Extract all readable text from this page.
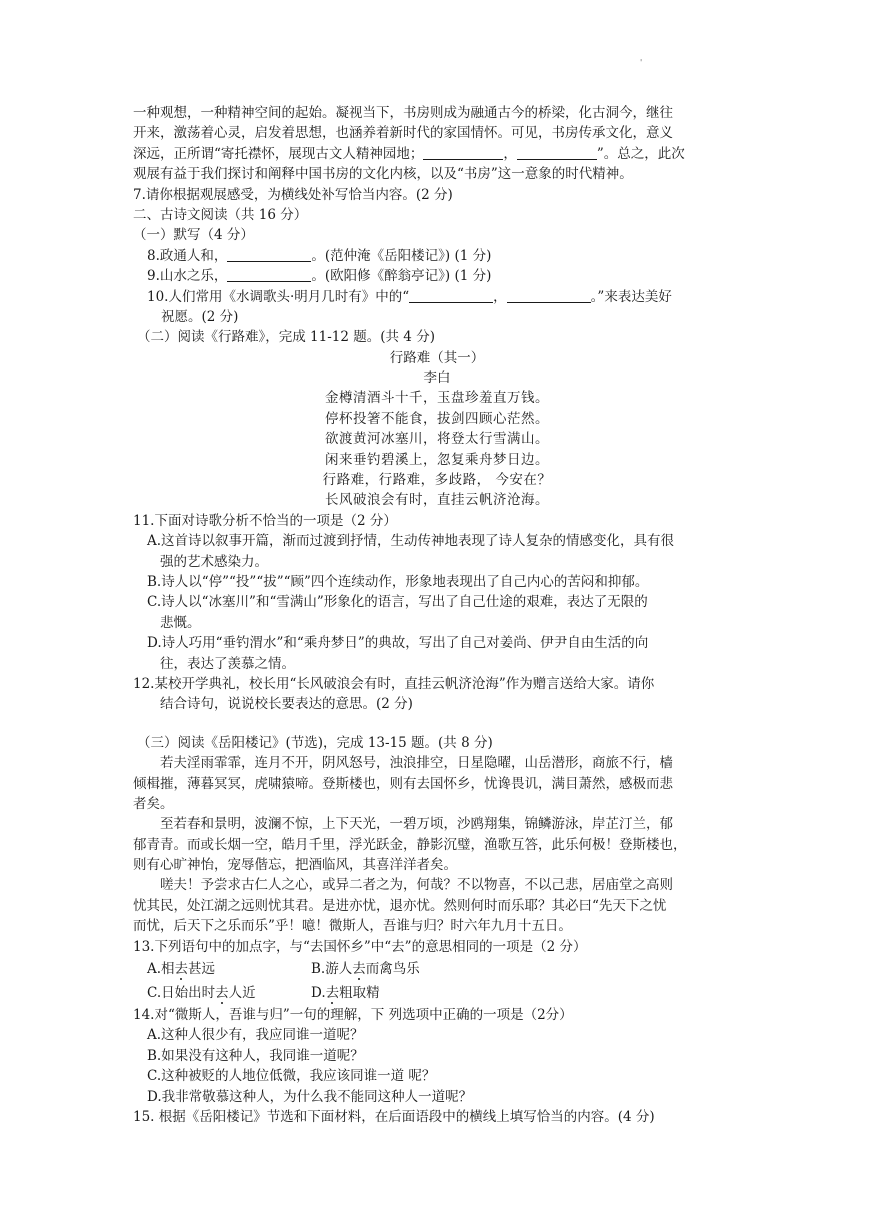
'
一种观想，一种精神空间的起始。凝视当下，书房则成为融通古今的桥梁，化古洞今，继往
开来，激荡着心灵，启发着思想，也涵养着新时代的家国情怀。可见，书房传承文化，意义
深远，正所谓“寄托襟怀，展现古文人精神园地；	，	”。总之，此次
观展有益于我们探讨和阐释中国书房的文化内核，以及“书房”这一意象的时代精神。
7.请你根据观展感受，为横线处补写恰当内容。(2 分)
二、古诗文阅读（共 16 分）
（一）默写（4 分）
8.政通人和，	。(范仲淹《岳阳楼记》) (1 分)
9.山水之乐，	。(欧阳修《醉翁亭记》) (1 分)
10.人们常用《水调歌头·明月几时有》中的“	，	。”来表达美好
祝愿。(2 分)
（二）阅读《行路难》，完成 11-12 题。(共 4 分)
行路难（其一）
李白
金樽清酒斗十千，玉盘珍羞直万钱。
停杯投箸不能食，拔剑四顾心茫然。
欲渡黄河冰塞川，将登太行雪满山。
闲来垂钓碧溪上，忽复乘舟梦日边。
行路难，行路难，多歧路， 今安在？
长风破浪会有时，直挂云帆济沧海。
11.下面对诗歌分析不恰当的一项是（2 分）
A.这首诗以叙事开篇，渐而过渡到抒情，生动传神地表现了诗人复杂的情感变化，具有很
强的艺术感染力。
B.诗人以“停”“投”“拔”“顾”四个连续动作，形象地表现出了自己内心的苦闷和抑郁。
C.诗人以“冰塞川”和“雪满山”形象化的语言，写出了自己仕途的艰难，表达了无限的
悲慨。
D.诗人巧用“垂钓渭水”和“乘舟梦日”的典故，写出了自己对姜尚、伊尹自由生活的向
往，表达了羡慕之情。
12.某校开学典礼，校长用“长风破浪会有时，直挂云帆济沧海”作为赠言送给大家。请你
结合诗句，说说校长要表达的意思。(2 分)
（三）阅读《岳阳楼记》(节选)，完成 13-15 题。(共 8 分)
若夫淫雨霏霏，连月不开，阴风怒号，浊浪排空，日星隐曜，山岳潜形，商旅不行，樯
倾楫摧，薄暮冥冥，虎啸猿啼。登斯楼也，则有去国怀乡，忧谗畏讥，满目萧然，感极而悲
者矣。
至若春和景明，波澜不惊，上下天光，一碧万顷，沙鸥翔集，锦鳞游泳，岸芷汀兰，郁
郁青青。而或长烟一空，皓月千里，浮光跃金，静影沉璧，渔歌互答，此乐何极！登斯楼也，
则有心旷神怡，宠辱偕忘，把酒临风，其喜洋洋者矣。
嗟夫！予尝求古仁人之心，或异二者之为，何哉？不以物喜，不以己悲，居庙堂之高则
忧其民，处江湖之远则忧其君。是进亦忧，退亦忧。然则何时而乐耶？其必曰“先天下之忧
而忧，后天下之乐而乐”乎！噫！微斯人，吾谁与归？时六年九月十五日。
13.下列语句中的加点字，与“去国怀乡”中“去”的意思相同的一项是（2 分）
A.相去甚远	B.游人去而禽鸟乐
C.日始出时去人近	D.去粗取精
14.对“微斯人，吾谁与归”一句的理解，下 列选项中正确的一项是（2分）
A.这种人很少有，我应同谁一道呢？
B.如果没有这种人，我同谁一道呢？
C.这种被贬的人地位低微，我应该同谁一道 呢？
D.我非常敬慕这种人，为什么我不能同这种人一道呢？
15. 根据《岳阳楼记》节选和下面材料，在后面语段中的横线上填写恰当的内容。(4 分)
